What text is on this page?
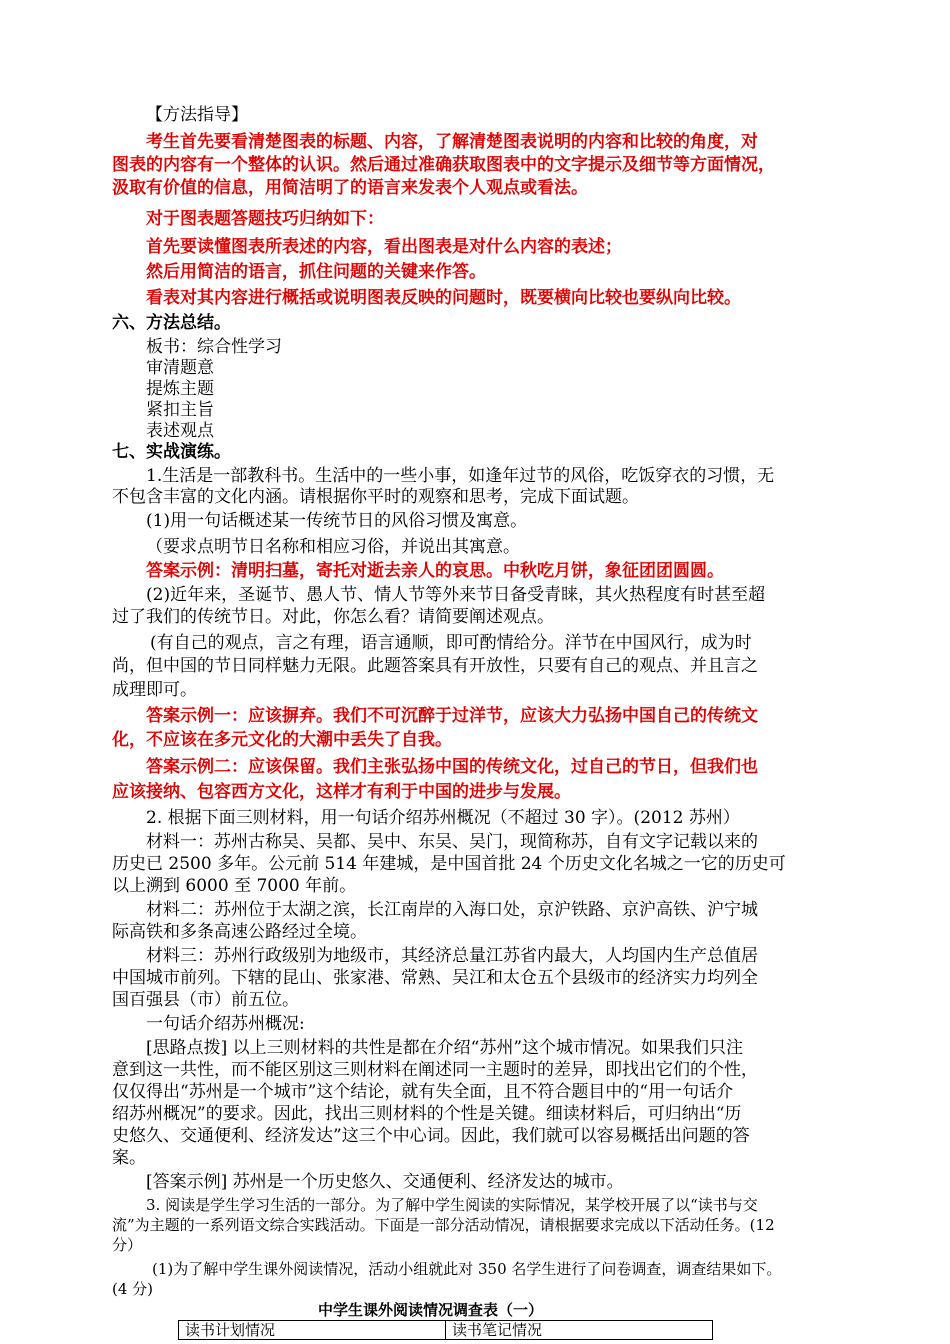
【方法指导】
考生首先要看清楚图表的标题、内容，了解清楚图表说明的内容和比较的角度，对
图表的内容有一个整体的认识。然后通过准确获取图表中的文字提示及细节等方面情况，
汲取有价值的信息，用简洁明了的语言来发表个人观点或看法。
对于图表题答题技巧归纳如下：
首先要读懂图表所表述的内容，看出图表是对什么内容的表述；
然后用简洁的语言，抓住问题的关键来作答。
看表对其内容进行概括或说明图表反映的问题时，既要横向比较也要纵向比较。
六、方法总结。
板书：综合性学习
审清题意
提炼主题
紧扣主旨
表述观点
七、实战演练。
1.生活是一部教科书。生活中的一些小事，如逢年过节的风俗，吃饭穿衣的习惯，无
不包含丰富的文化内涵。请根据你平时的观察和思考，完成下面试题。
(1)用一句话概述某一传统节日的风俗习惯及寓意。
（要求点明节日名称和相应习俗，并说出其寓意。
答案示例：清明扫墓，寄托对逝去亲人的哀思。中秋吃月饼，象征团团圆圆。
(2)近年来，圣诞节、愚人节、情人节等外来节日备受青睐，其火热程度有时甚至超
过了我们的传统节日。对此，你怎么看？请简要阐述观点。
(有自己的观点，言之有理，语言通顺，即可酌情给分。洋节在中国风行，成为时
尚，但中国的节日同样魅力无限。此题答案具有开放性，只要有自己的观点、并且言之
成理即可。
答案示例一：应该摒弃。我们不可沉醉于过洋节，应该大力弘扬中国自己的传统文
化，不应该在多元文化的大潮中丢失了自我。
答案示例二：应该保留。我们主张弘扬中国的传统文化，过自己的节日，但我们也
应该接纳、包容西方文化，这样才有利于中国的进步与发展。
2. 根据下面三则材料，用一句话介绍苏州概况（不超过 30 字）。(2012 苏州）
材料一：苏州古称吴、吴都、吴中、东吴、吴门，现简称苏，自有文字记载以来的
历史已 2500 多年。公元前 514 年建城，是中国首批 24 个历史文化名城之一它的历史可
以上溯到 6000 至 7000 年前。
材料二：苏州位于太湖之滨，长江南岸的入海口处，京沪铁路、京沪高铁、沪宁城
际高铁和多条高速公路经过全境。
材料三：苏州行政级别为地级市，其经济总量江苏省内最大，人均国内生产总值居
中国城市前列。下辖的昆山、张家港、常熟、吴江和太仓五个县级市的经济实力均列全
国百强县（市）前五位。
一句话介绍苏州概况:
[思路点拨] 以上三则材料的共性是都在介绍“苏州”这个城市情况。如果我们只注
意到这一共性，而不能区别这三则材料在阐述同一主题时的差异，即找出它们的个性，
仅仅得出“苏州是一个城市”这个结论，就有失全面，且不符合题目中的“用一句话介
绍苏州概况”的要求。因此，找出三则材料的个性是关键。细读材料后，可归纳出“历
史悠久、交通便利、经济发达”这三个中心词。因此，我们就可以容易概括出问题的答
案。
[答案示例] 苏州是一个历史悠久、交通便利、经济发达的城市。
3. 阅读是学生学习生活的一部分。为了解中学生阅读的实际情况，某学校开展了以“读书与交
流”为主题的一系列语文综合实践活动。下面是一部分活动情况，请根据要求完成以下活动任务。(12
分）
(1)为了解中学生课外阅读情况，活动小组就此对 350 名学生进行了问卷调查，调查结果如下。
(4 分)
中学生课外阅读情况调查表（一）
读书计划情况	读书笔记情况
